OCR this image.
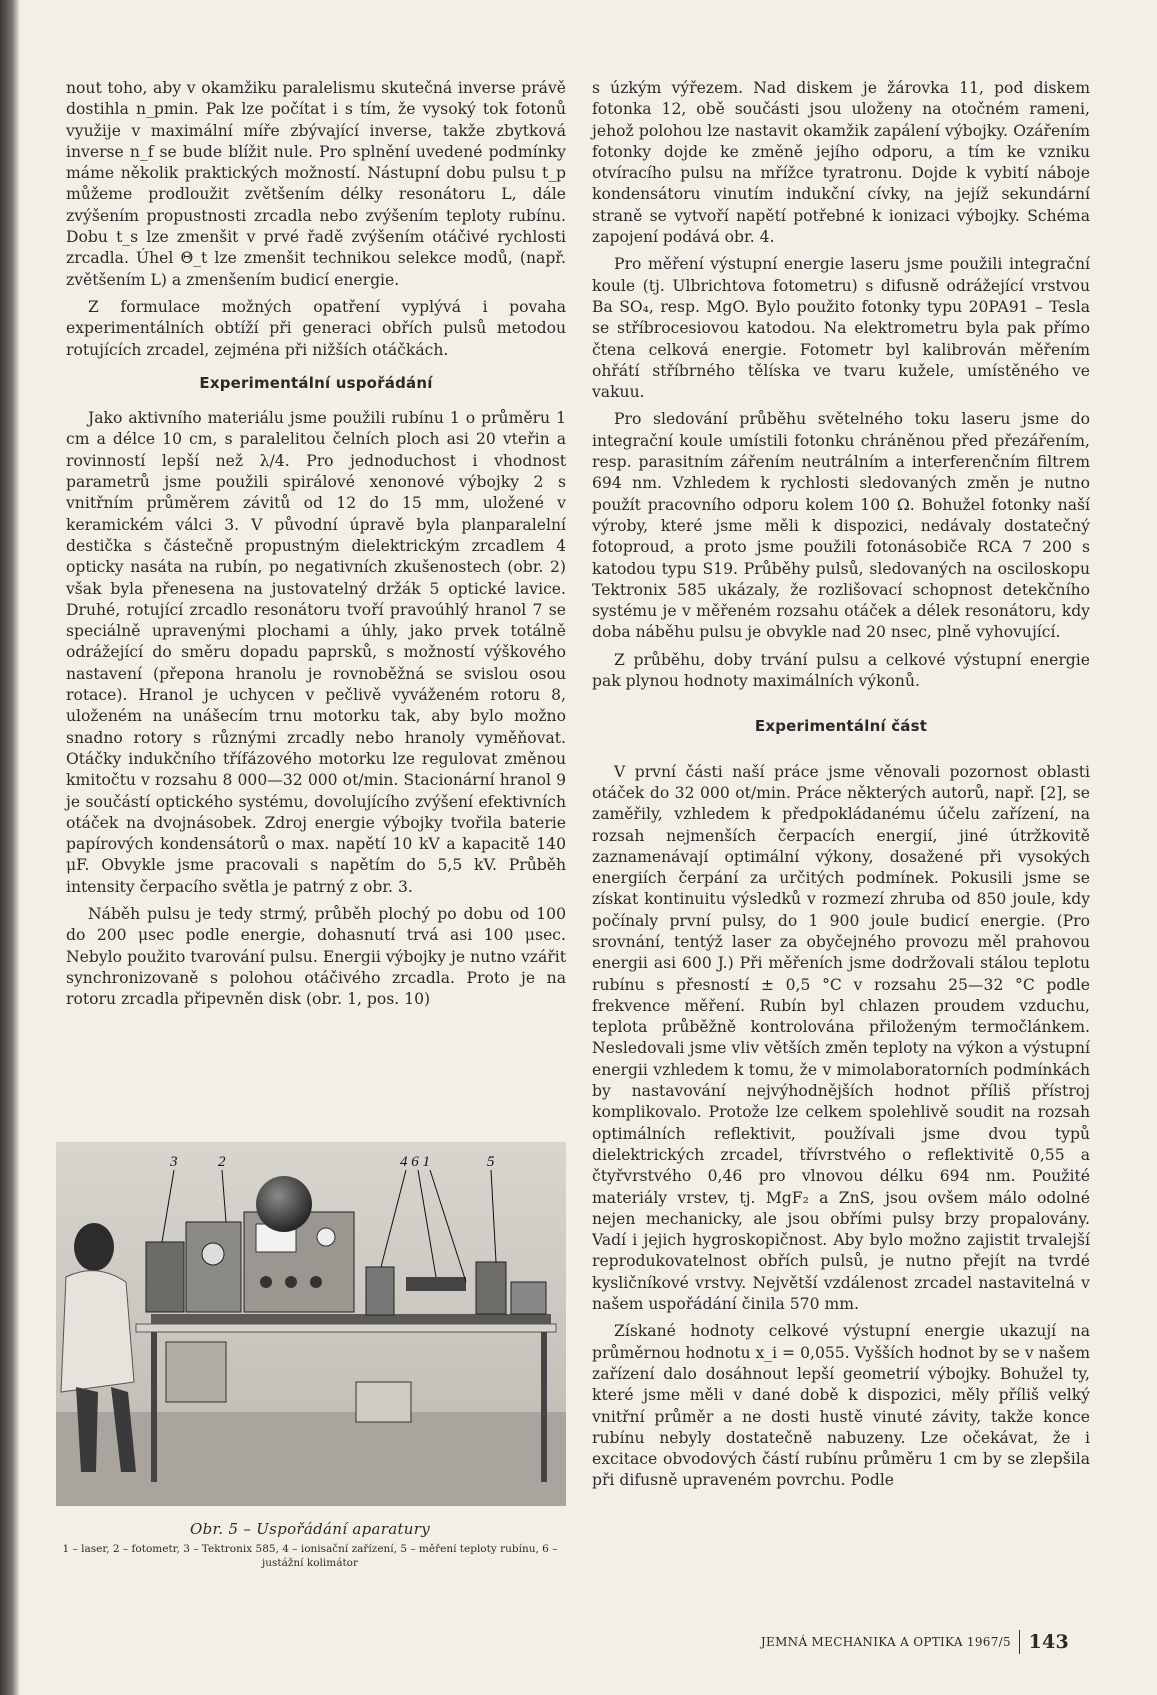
nout toho, aby v okamžiku paralelismu skutečná inverse právě dostihla n_pmin. Pak lze počítat i s tím, že vysoký tok fotonů využije v maximální míře zbývající inverse, takže zbytková inverse n_f se bude blížit nule. Pro splnění uvedené podmínky máme několik praktických možností. Nástupní dobu pulsu t_p můžeme prodloužit zvětšením délky resonátoru L, dále zvýšením propustnosti zrcadla nebo zvýšením teploty rubínu. Dobu t_s lze zmenšit v prvé řadě zvýšením otáčivé rychlosti zrcadla. Úhel Θ_t lze zmenšit technikou selekce modů, (např. zvětšením L) a zmenšením budicí energie.

Z formulace možných opatření vyplývá i povaha experimentálních obtíží při generaci obřích pulsů metodou rotujících zrcadel, zejména při nižších otáčkách.

Experimentální uspořádání

Jako aktivního materiálu jsme použili rubínu 1 o průměru 1 cm a délce 10 cm, s paralelitou čelních ploch asi 20 vteřin a rovinností lepší než λ/4. Pro jednoduchost i vhodnost parametrů jsme použili spirálové xenonové výbojky 2 s vnitřním průměrem závitů od 12 do 15 mm, uložené v keramickém válci 3. V původní úpravě byla planparalelní destička s částečně propustným dielektrickým zrcadlem 4 opticky nasáta na rubín, po negativních zkušenostech (obr. 2) však byla přenesena na justovatelný držák 5 optické lavice. Druhé, rotující zrcadlo resonátoru tvoří pravoúhlý hranol 7 se speciálně upravenými plochami a úhly, jako prvek totálně odrážející do směru dopadu paprsků, s možností výškového nastavení (přepona hranolu je rovnoběžná se svislou osou rotace). Hranol je uchycen v pečlivě vyváženém rotoru 8, uloženém na unášecím trnu motorku tak, aby bylo možno snadno rotory s různými zrcadly nebo hranoly vyměňovat. Otáčky indukčního třífázového motorku lze regulovat změnou kmitočtu v rozsahu 8 000—32 000 ot/min. Stacionární hranol 9 je součástí optického systému, dovolujícího zvýšení efektivních otáček na dvojnásobek. Zdroj energie výbojky tvořila baterie papírových kondensátorů o max. napětí 10 kV a kapacitě 140 μF. Obvykle jsme pracovali s napětím do 5,5 kV. Průběh intensity čerpacího světla je patrný z obr. 3.

Náběh pulsu je tedy strmý, průběh plochý po dobu od 100 do 200 μsec podle energie, dohasnutí trvá asi 100 μsec. Nebylo použito tvarování pulsu. Energii výbojky je nutno vzářit synchronizovaně s polohou otáčivého zrcadla. Proto je na rotoru zrcadla připevněn disk (obr. 1, pos. 10)

s úzkým výřezem. Nad diskem je žárovka 11, pod diskem fotonka 12, obě součásti jsou uloženy na otočném rameni, jehož polohou lze nastavit okamžik zapálení výbojky. Ozářením fotonky dojde ke změně jejího odporu, a tím ke vzniku otvíracího pulsu na mřížce tyratronu. Dojde k vybití náboje kondensátoru vinutím indukční cívky, na jejíž sekundární straně se vytvoří napětí potřebné k ionizaci výbojky. Schéma zapojení podává obr. 4.

Pro měření výstupní energie laseru jsme použili integrační koule (tj. Ulbrichtova fotometru) s difusně odrážející vrstvou Ba SO₄, resp. MgO. Bylo použito fotonky typu 20PA91 – Tesla se stříbrocesiovou katodou. Na elektrometru byla pak přímo čtena celková energie. Fotometr byl kalibrován měřením ohřátí stříbrného tělíska ve tvaru kužele, umístěného ve vakuu.

Pro sledování průběhu světelného toku laseru jsme do integrační koule umístili fotonku chráněnou před přezářením, resp. parasitním zářením neutrálním a interferenčním filtrem 694 nm. Vzhledem k rychlosti sledovaných změn je nutno použít pracovního odporu kolem 100 Ω. Bohužel fotonky naší výroby, které jsme měli k dispozici, nedávaly dostatečný fotoproud, a proto jsme použili fotonásobiče RCA 7 200 s katodou typu S19. Průběhy pulsů, sledovaných na osciloskopu Tektronix 585 ukázaly, že rozlišovací schopnost detekčního systému je v měřeném rozsahu otáček a délek resonátoru, kdy doba náběhu pulsu je obvykle nad 20 nsec, plně vyhovující.

Z průběhu, doby trvání pulsu a celkové výstupní energie pak plynou hodnoty maximálních výkonů.

Experimentální část

V první části naší práce jsme věnovali pozornost oblasti otáček do 32 000 ot/min. Práce některých autorů, např. [2], se zaměřily, vzhledem k předpokládanému účelu zařízení, na rozsah nejmenších čerpacích energií, jiné útržkovitě zaznamenávají optimální výkony, dosažené při vysokých energiích čerpání za určitých podmínek. Pokusili jsme se získat kontinuitu výsledků v rozmezí zhruba od 850 joule, kdy počínaly první pulsy, do 1 900 joule budicí energie. (Pro srovnání, tentýž laser za obyčejného provozu měl prahovou energii asi 600 J.) Při měřeních jsme dodržovali stálou teplotu rubínu s přesností ± 0,5 °C v rozsahu 25—32 °C podle frekvence měření. Rubín byl chlazen proudem vzduchu, teplota průběžně kontrolována přiloženým termočlánkem. Nesledovali jsme vliv větších změn teploty na výkon a výstupní energii vzhledem k tomu, že v mimolaboratorních podmínkách by nastavování nejvýhodnějších hodnot příliš přístroj komplikovalo. Protože lze celkem spolehlivě soudit na rozsah optimálních reflektivit, používali jsme dvou typů dielektrických zrcadel, třívrstvého o reflektivitě 0,55 a čtyřvrstvého 0,46 pro vlnovou délku 694 nm. Použité materiály vrstev, tj. MgF₂ a ZnS, jsou ovšem málo odolné nejen mechanicky, ale jsou obřími pulsy brzy propalovány. Vadí i jejich hygroskopičnost. Aby bylo možno zajistit trvalejší reprodukovatelnost obřích pulsů, je nutno přejít na tvrdé kysličníkové vrstvy. Největší vzdálenost zrcadel nastavitelná v našem uspořádání činila 570 mm.

Získané hodnoty celkové výstupní energie ukazují na průměrnou hodnotu x_i = 0,055. Vyšších hodnot by se v našem zařízení dalo dosáhnout lepší geometrií výbojky. Bohužel ty, které jsme měli v dané době k dispozici, měly příliš velký vnitřní průměr a ne dosti hustě vinuté závity, takže konce rubínu nebyly dostatečně nabuzeny. Lze očekávat, že i excitace obvodových částí rubínu průměru 1 cm by se zlepšila při difusně upraveném povrchu. Podle

3	2	4 6 1	5
Obr. 5 – Uspořádání aparatury
1 – laser, 2 – fotometr, 3 – Tektronix 585, 4 – ionisační zařízení, 5 – měření teploty rubínu, 6 – justážní kolimátor
JEMNÁ MECHANIKA A OPTIKA 1967/5 143
